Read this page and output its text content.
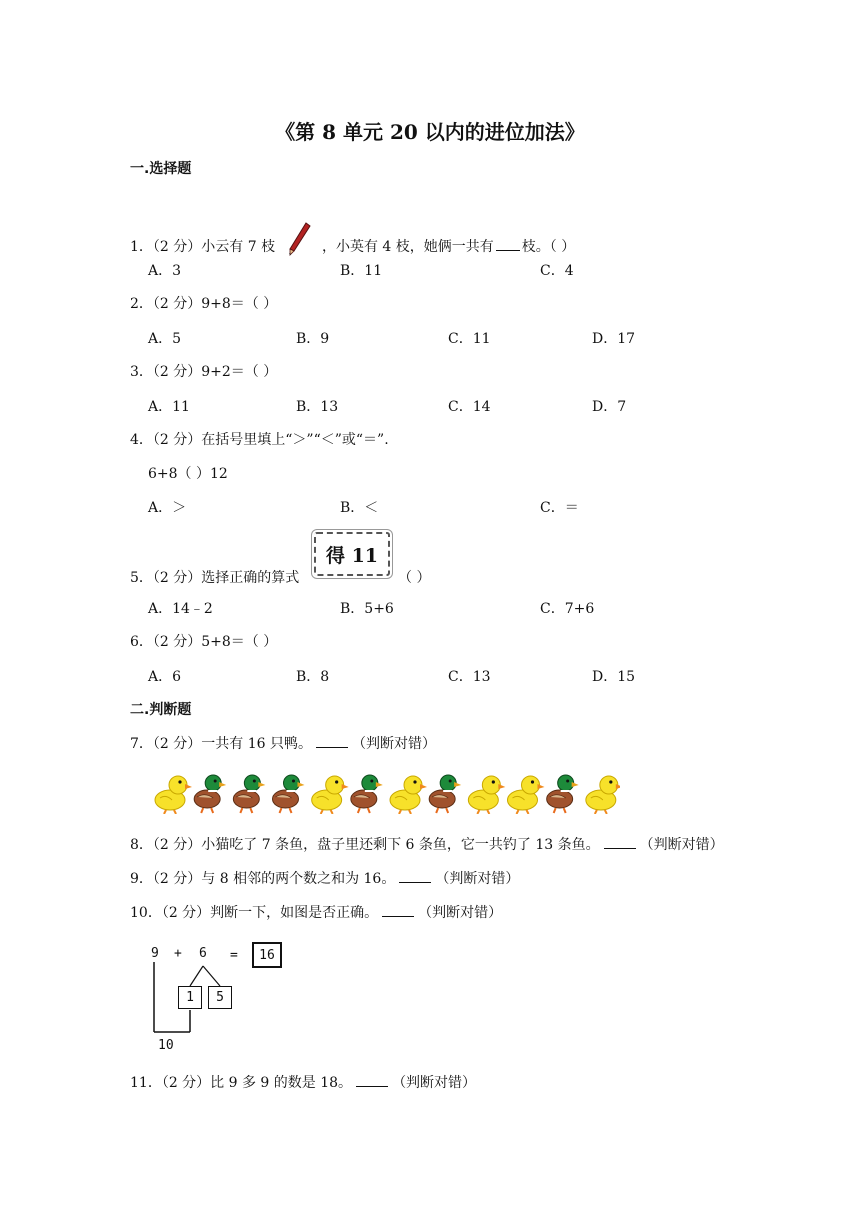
《第 8 单元 20 以内的进位加法》
一.选择题
1．（2 分）小云有 7 枝	，小英有 4 枝，她俩一共有 枝。（ ）
A．3	B．11	C．4
2．（2 分）9+8＝（ ）
A．5	B．9	C．11	D．17
3．（2 分）9+2＝（ ）
A．11	B．13	C．14	D．7
4．（2 分）在括号里填上“＞”“＜”或“＝”.
6+8（ ）12
A．＞	B．＜	C．＝
5．（2 分）选择正确的算式
得 11
（ ）
A．14﹣2	B．5+6	C．7+6
6．（2 分）5+8＝（ ）
A．6	B．8	C．13	D．15
二.判断题
7．（2 分）一共有 16 只鸭。	（判断对错）
8．（2 分）小猫吃了 7 条鱼，盘子里还剩下 6 条鱼，它一共钓了 13 条鱼。	（判断对错）
9．（2 分）与 8 相邻的两个数之和为 16。	（判断对错）
10．（2 分）判断一下，如图是否正确。	（判断对错）
9 + 6 = 16
1 5
10
11．（2 分）比 9 多 9 的数是 18。	（判断对错）
